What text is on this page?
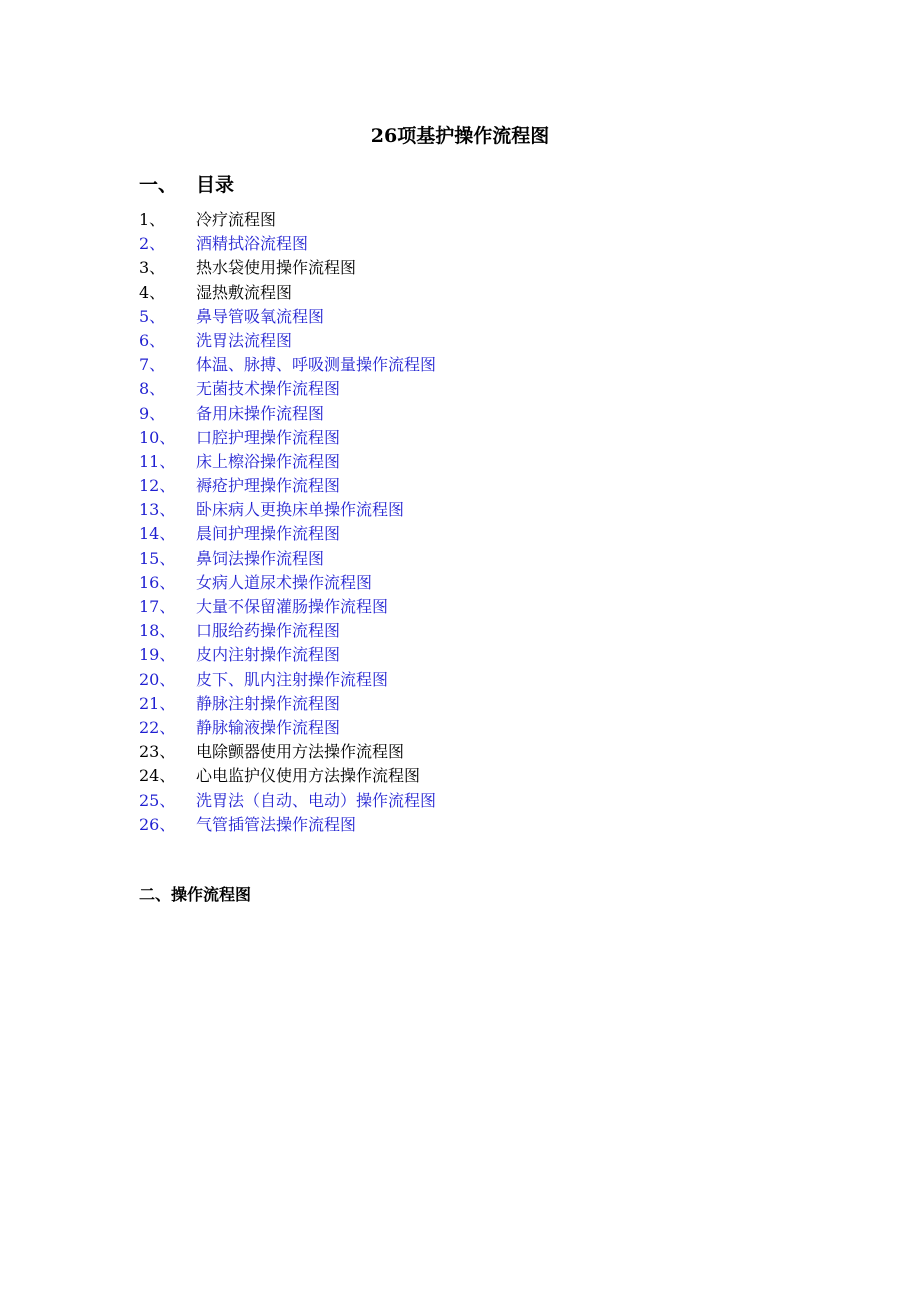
26项基护操作流程图
一、 目录
1、 冷疗流程图
2、 酒精拭浴流程图
3、 热水袋使用操作流程图
4、 湿热敷流程图
5、 鼻导管吸氧流程图
6、 洗胃法流程图
7、 体温、脉搏、呼吸测量操作流程图
8、 无菌技术操作流程图
9、 备用床操作流程图
10、 口腔护理操作流程图
11、 床上檫浴操作流程图
12、 褥疮护理操作流程图
13、 卧床病人更换床单操作流程图
14、 晨间护理操作流程图
15、 鼻饲法操作流程图
16、 女病人道尿术操作流程图
17、 大量不保留灌肠操作流程图
18、 口服给药操作流程图
19、 皮内注射操作流程图
20、 皮下、肌内注射操作流程图
21、 静脉注射操作流程图
22、 静脉输液操作流程图
23、 电除颤器使用方法操作流程图
24、 心电监护仪使用方法操作流程图
25、 洗胃法（自动、电动）操作流程图
26、 气管插管法操作流程图
二、操作流程图
